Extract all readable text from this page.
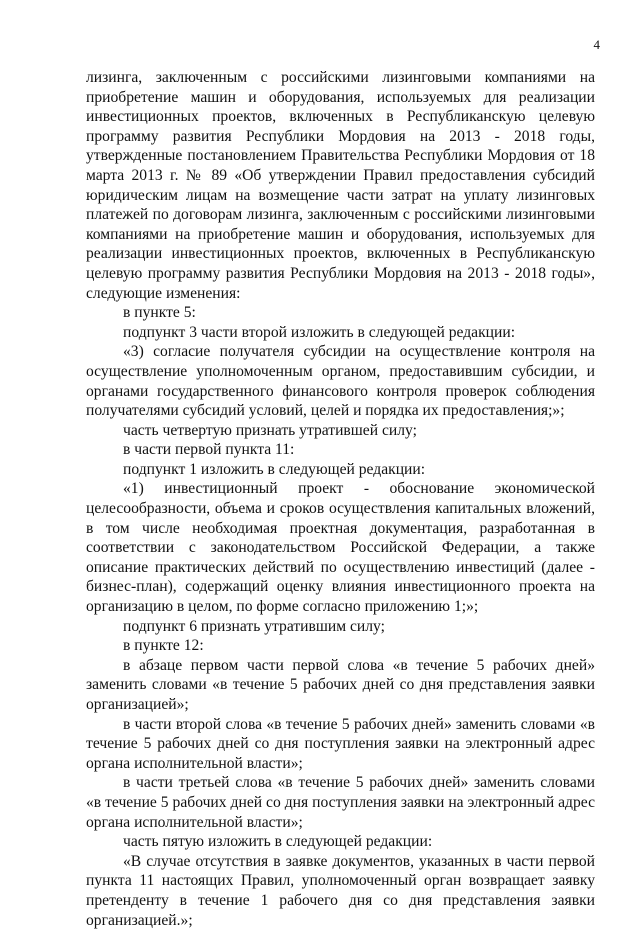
4

лизинга, заключенным с российскими лизинговыми компаниями на приобретение машин и оборудования, используемых для реализации инвестиционных проектов, включенных в Республиканскую целевую программу развития Республики Мордовия на 2013 - 2018 годы, утвержденные постановлением Правительства Республики Мордовия от 18 марта 2013 г. № 89 «Об утверждении Правил предоставления субсидий юридическим лицам на возмещение части затрат на уплату лизинговых платежей по договорам лизинга, заключенным с российскими лизинговыми компаниями на приобретение машин и оборудования, используемых для реализации инвестиционных проектов, включенных в Республиканскую целевую программу развития Республики Мордовия на 2013 - 2018 годы», следующие изменения:

в пункте 5:

подпункт 3 части второй изложить в следующей редакции:

«3) согласие получателя субсидии на осуществление контроля на осуществление уполномоченным органом, предоставившим субсидии, и органами государственного финансового контроля проверок соблюдения получателями субсидий условий, целей и порядка их предоставления;»;

часть четвертую признать утратившей силу;

в части первой пункта 11:

подпункт 1 изложить в следующей редакции:

«1) инвестиционный проект - обоснование экономической целесообразности, объема и сроков осуществления капитальных вложений, в том числе необходимая проектная документация, разработанная в соответствии с законодательством Российской Федерации, а также описание практических действий по осуществлению инвестиций (далее - бизнес-план), содержащий оценку влияния инвестиционного проекта на организацию в целом, по форме согласно приложению 1;»;

подпункт 6 признать утратившим силу;

в пункте 12:

в абзаце первом части первой слова «в течение 5 рабочих дней» заменить словами «в течение 5 рабочих дней со дня представления заявки организацией»;

в части второй слова «в течение 5 рабочих дней» заменить словами «в течение 5 рабочих дней со дня поступления заявки на электронный адрес органа исполнительной власти»;

в части третьей слова «в течение 5 рабочих дней» заменить словами «в течение 5 рабочих дней со дня поступления заявки на электронный адрес органа исполнительной власти»;

часть пятую изложить в следующей редакции:

«В случае отсутствия в заявке документов, указанных в части первой пункта 11 настоящих Правил, уполномоченный орган возвращает заявку претенденту в течение 1 рабочего дня со дня представления заявки организацией.»;
